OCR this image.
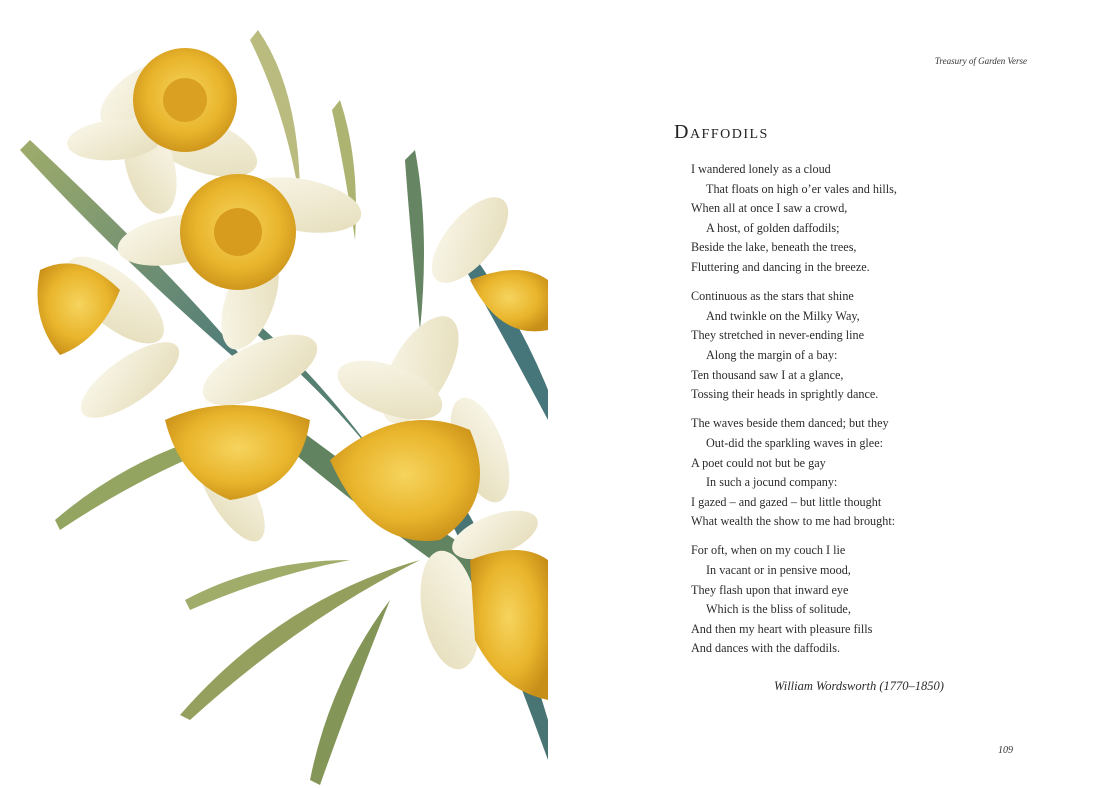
Treasury of Garden Verse
Daffodils
I wandered lonely as a cloud
That floats on high o’er vales and hills,
When all at once I saw a crowd,
A host, of golden daffodils;
Beside the lake, beneath the trees,
Fluttering and dancing in the breeze.
Continuous as the stars that shine
And twinkle on the Milky Way,
They stretched in never-ending line
Along the margin of a bay:
Ten thousand saw I at a glance,
Tossing their heads in sprightly dance.
The waves beside them danced; but they
Out-did the sparkling waves in glee:
A poet could not but be gay
In such a jocund company:
I gazed – and gazed – but little thought
What wealth the show to me had brought:
For oft, when on my couch I lie
In vacant or in pensive mood,
They flash upon that inward eye
Which is the bliss of solitude,
And then my heart with pleasure fills
And dances with the daffodils.
William Wordsworth (1770–1850)
109
